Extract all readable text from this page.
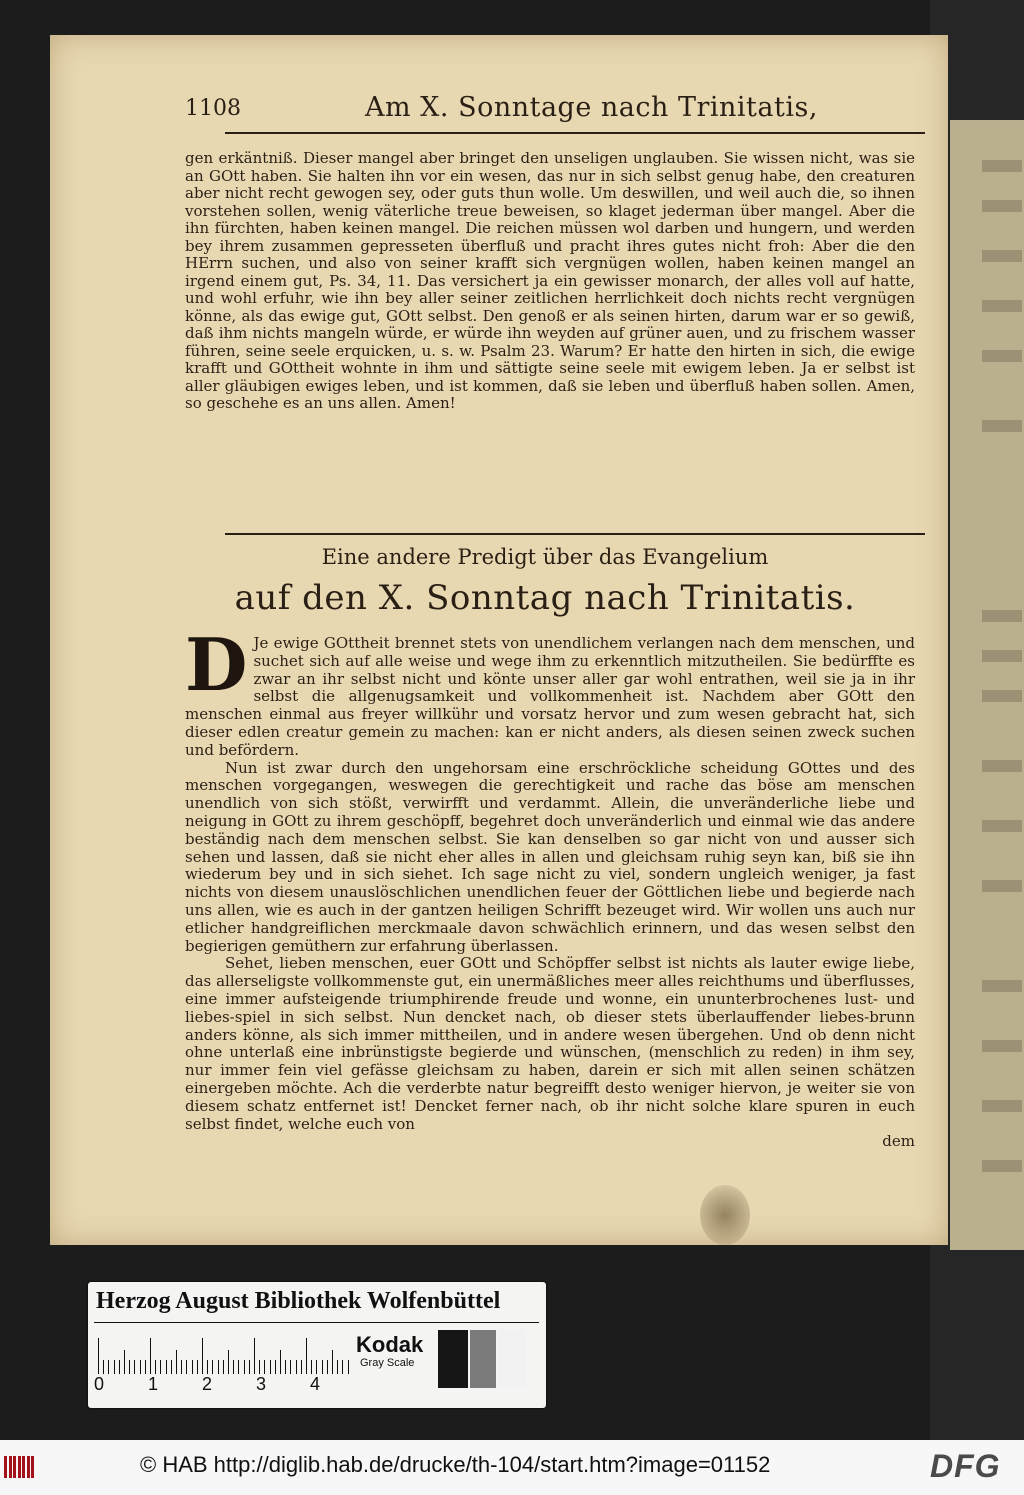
1108	Am X. Sonntage nach Trinitatis,

gen erkäntniß. Dieser mangel aber bringet den unseligen unglauben. Sie wissen nicht, was sie an GOtt haben. Sie halten ihn vor ein wesen, das nur in sich selbst genug habe, den creaturen aber nicht recht gewogen sey, oder guts thun wolle. Um deswillen, und weil auch die, so ihnen vorstehen sollen, wenig väterliche treue beweisen, so klaget jederman über mangel. Aber die ihn fürchten, haben keinen mangel. Die reichen müssen wol darben und hungern, und werden bey ihrem zusammen gepresseten überfluß und pracht ihres gutes nicht froh: Aber die den HErrn suchen, und also von seiner krafft sich vergnügen wollen, haben keinen mangel an irgend einem gut, Ps. 34, 11. Das versichert ja ein gewisser monarch, der alles voll auf hatte, und wohl erfuhr, wie ihn bey aller seiner zeitlichen herrlichkeit doch nichts recht vergnügen könne, als das ewige gut, GOtt selbst. Den genoß er als seinen hirten, darum war er so gewiß, daß ihm nichts mangeln würde, er würde ihn weyden auf grüner auen, und zu frischem wasser führen, seine seele erquicken, u. s. w. Psalm 23. Warum? Er hatte den hirten in sich, die ewige krafft und GOttheit wohnte in ihm und sättigte seine seele mit ewigem leben. Ja er selbst ist aller gläubigen ewiges leben, und ist kommen, daß sie leben und überfluß haben sollen. Amen, so geschehe es an uns allen. Amen!

Eine andere Predigt über das Evangelium
auf den X. Sonntag nach Trinitatis.

D Je ewige GOttheit brennet stets von unendlichem verlangen nach dem menschen, und suchet sich auf alle weise und wege ihm zu erkenntlich mitzutheilen. Sie bedürffte es zwar an ihr selbst nicht und könte unser aller gar wohl entrathen, weil sie ja in ihr selbst die allgenugsamkeit und vollkommenheit ist. Nachdem aber GOtt den menschen einmal aus freyer willkühr und vorsatz hervor und zum wesen gebracht hat, sich dieser edlen creatur gemein zu machen: kan er nicht anders, als diesen seinen zweck suchen und befördern.

Nun ist zwar durch den ungehorsam eine erschröckliche scheidung GOttes und des menschen vorgegangen, weswegen die gerechtigkeit und rache das böse am menschen unendlich von sich stößt, verwirfft und verdammt. Allein, die unveränderliche liebe und neigung in GOtt zu ihrem geschöpff, begehret doch unveränderlich und einmal wie das andere beständig nach dem menschen selbst. Sie kan denselben so gar nicht von und ausser sich sehen und lassen, daß sie nicht eher alles in allen und gleichsam ruhig seyn kan, biß sie ihn wiederum bey und in sich siehet. Ich sage nicht zu viel, sondern ungleich weniger, ja fast nichts von diesem unauslöschlichen unendlichen feuer der Göttlichen liebe und begierde nach uns allen, wie es auch in der gantzen heiligen Schrifft bezeuget wird. Wir wollen uns auch nur etlicher handgreiflichen merckmaale davon schwächlich erinnern, und das wesen selbst den begierigen gemüthern zur erfahrung überlassen.

Sehet, lieben menschen, euer GOtt und Schöpffer selbst ist nichts als lauter ewige liebe, das allerseligste vollkommenste gut, ein unermäßliches meer alles reichthums und überflusses, eine immer aufsteigende triumphirende freude und wonne, ein ununterbrochenes lust- und liebes-spiel in sich selbst. Nun dencket nach, ob dieser stets überlauffender liebes-brunn anders könne, als sich immer mittheilen, und in andere wesen übergehen. Und ob denn nicht ohne unterlaß eine inbrünstigste begierde und wünschen, (menschlich zu reden) in ihm sey, nur immer fein viel gefässe gleichsam zu haben, darein er sich mit allen seinen schätzen einergeben möchte. Ach die verderbte natur begreifft desto weniger hiervon, je weiter sie von diesem schatz entfernet ist! Dencket ferner nach, ob ihr nicht solche klare spuren in euch selbst findet, welche euch von

dem

Herzog August Bibliothek Wolfenbüttel
0 1 2 3 4
Kodak
Gray Scale
© HAB http://diglib.hab.de/drucke/th-104/start.htm?image=01152	DFG
